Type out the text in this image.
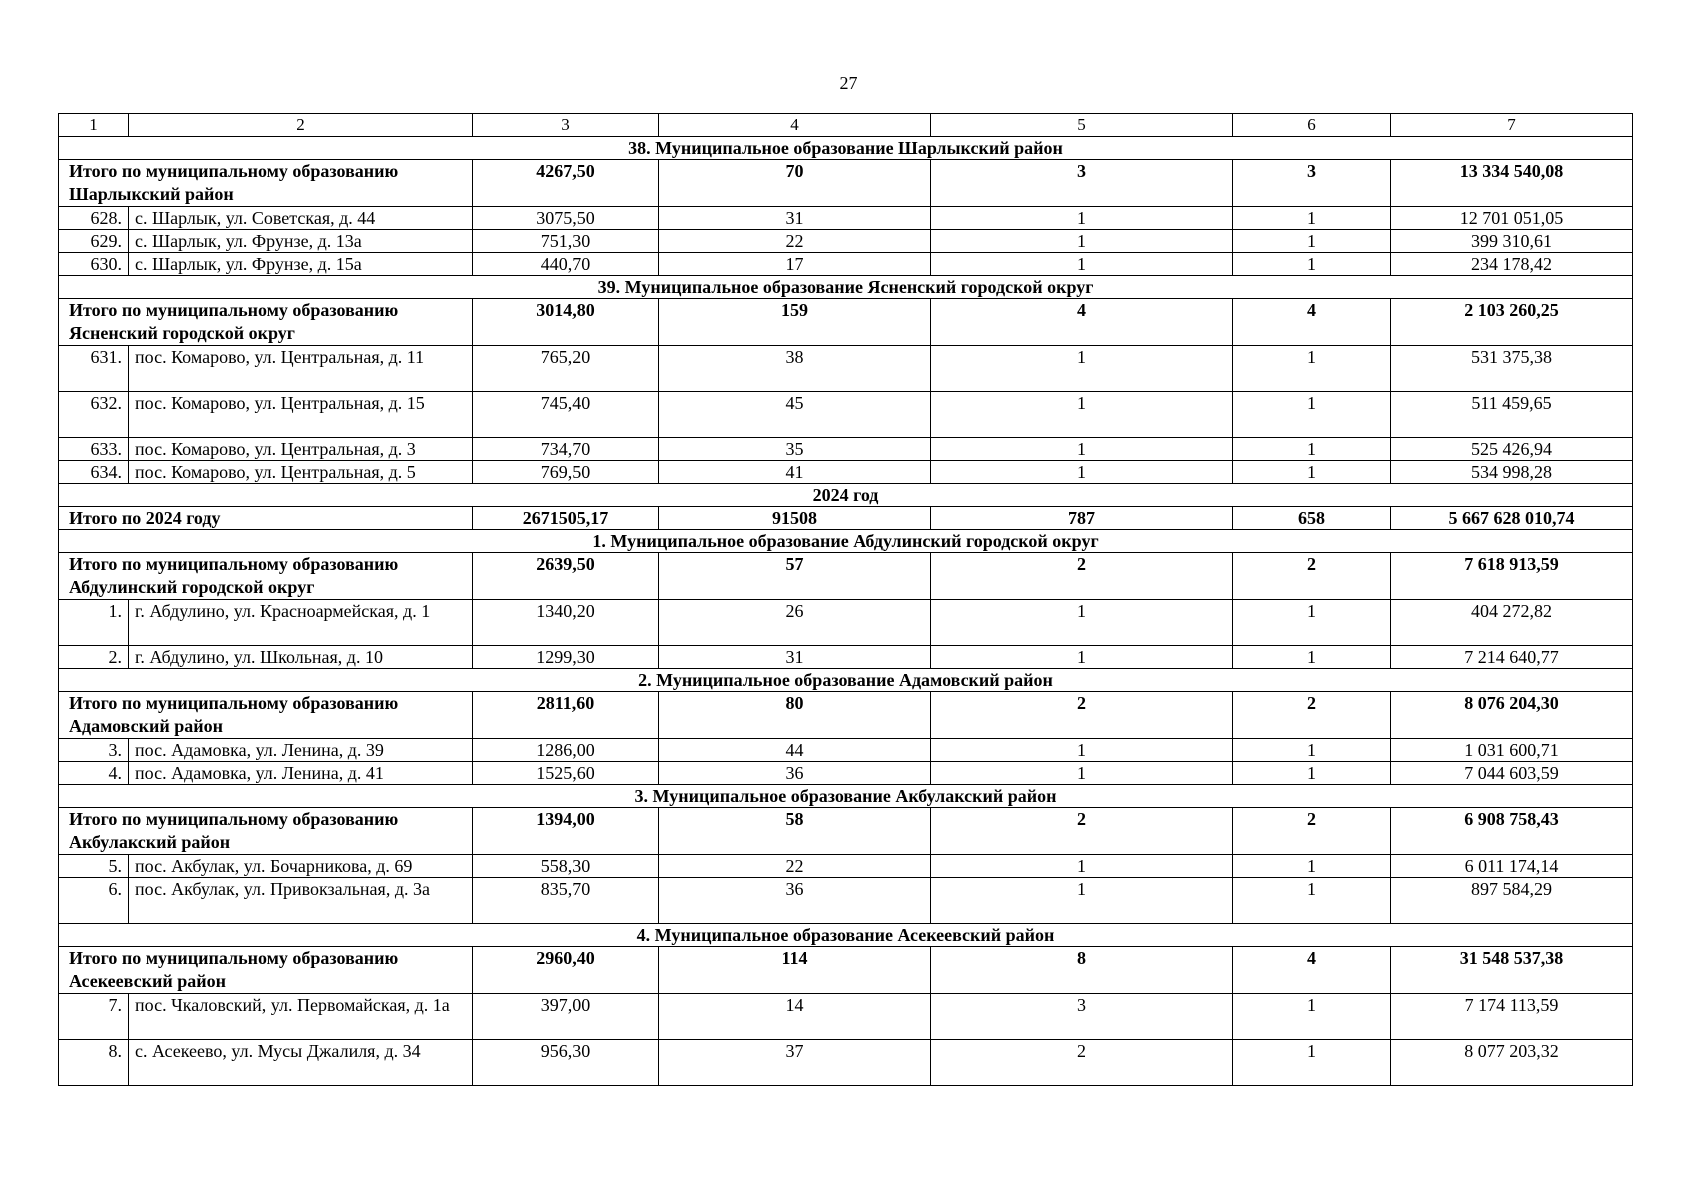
27
1	2	3	4	5	6	7
38. Муниципальное образование Шарлыкский район						
Итого по муниципальному образованию Шарлыкский район		4267,50	70	3	3	13 334 540,08
628.	с. Шарлык, ул. Советская, д. 44	3075,50	31	1	1	12 701 051,05
629.	с. Шарлык, ул. Фрунзе, д. 13а	751,30	22	1	1	399 310,61
630.	с. Шарлык, ул. Фрунзе, д. 15а	440,70	17	1	1	234 178,42
39. Муниципальное образование Ясненский городской округ						
Итого по муниципальному образованию Ясненский городской округ		3014,80	159	4	4	2 103 260,25
631.	пос. Комарово, ул. Центральная, д. 11	765,20	38	1	1	531 375,38
632.	пос. Комарово, ул. Центральная, д. 15	745,40	45	1	1	511 459,65
633.	пос. Комарово, ул. Центральная, д. 3	734,70	35	1	1	525 426,94
634.	пос. Комарово, ул. Центральная, д. 5	769,50	41	1	1	534 998,28
2024 год						
Итого по 2024 году		2671505,17	91508	787	658	5 667 628 010,74
1. Муниципальное образование Абдулинский городской округ						
Итого по муниципальному образованию Абдулинский городской округ		2639,50	57	2	2	7 618 913,59
1.	г. Абдулино, ул. Красноармейская, д. 1	1340,20	26	1	1	404 272,82
2.	г. Абдулино, ул. Школьная, д. 10	1299,30	31	1	1	7 214 640,77
2. Муниципальное образование Адамовский район						
Итого по муниципальному образованию Адамовский район		2811,60	80	2	2	8 076 204,30
3.	пос. Адамовка, ул. Ленина, д. 39	1286,00	44	1	1	1 031 600,71
4.	пос. Адамовка, ул. Ленина, д. 41	1525,60	36	1	1	7 044 603,59
3. Муниципальное образование Акбулакский район						
Итого по муниципальному образованию Акбулакский район		1394,00	58	2	2	6 908 758,43
5.	пос. Акбулак, ул. Бочарникова, д. 69	558,30	22	1	1	6 011 174,14
6.	пос. Акбулак, ул. Привокзальная, д. 3а	835,70	36	1	1	897 584,29
4. Муниципальное образование Асекеевский район						
Итого по муниципальному образованию Асекеевский район		2960,40	114	8	4	31 548 537,38
7.	пос. Чкаловский, ул. Первомайская, д. 1а	397,00	14	3	1	7 174 113,59
8.	с. Асекеево, ул. Мусы Джалиля, д. 34	956,30	37	2	1	8 077 203,32
